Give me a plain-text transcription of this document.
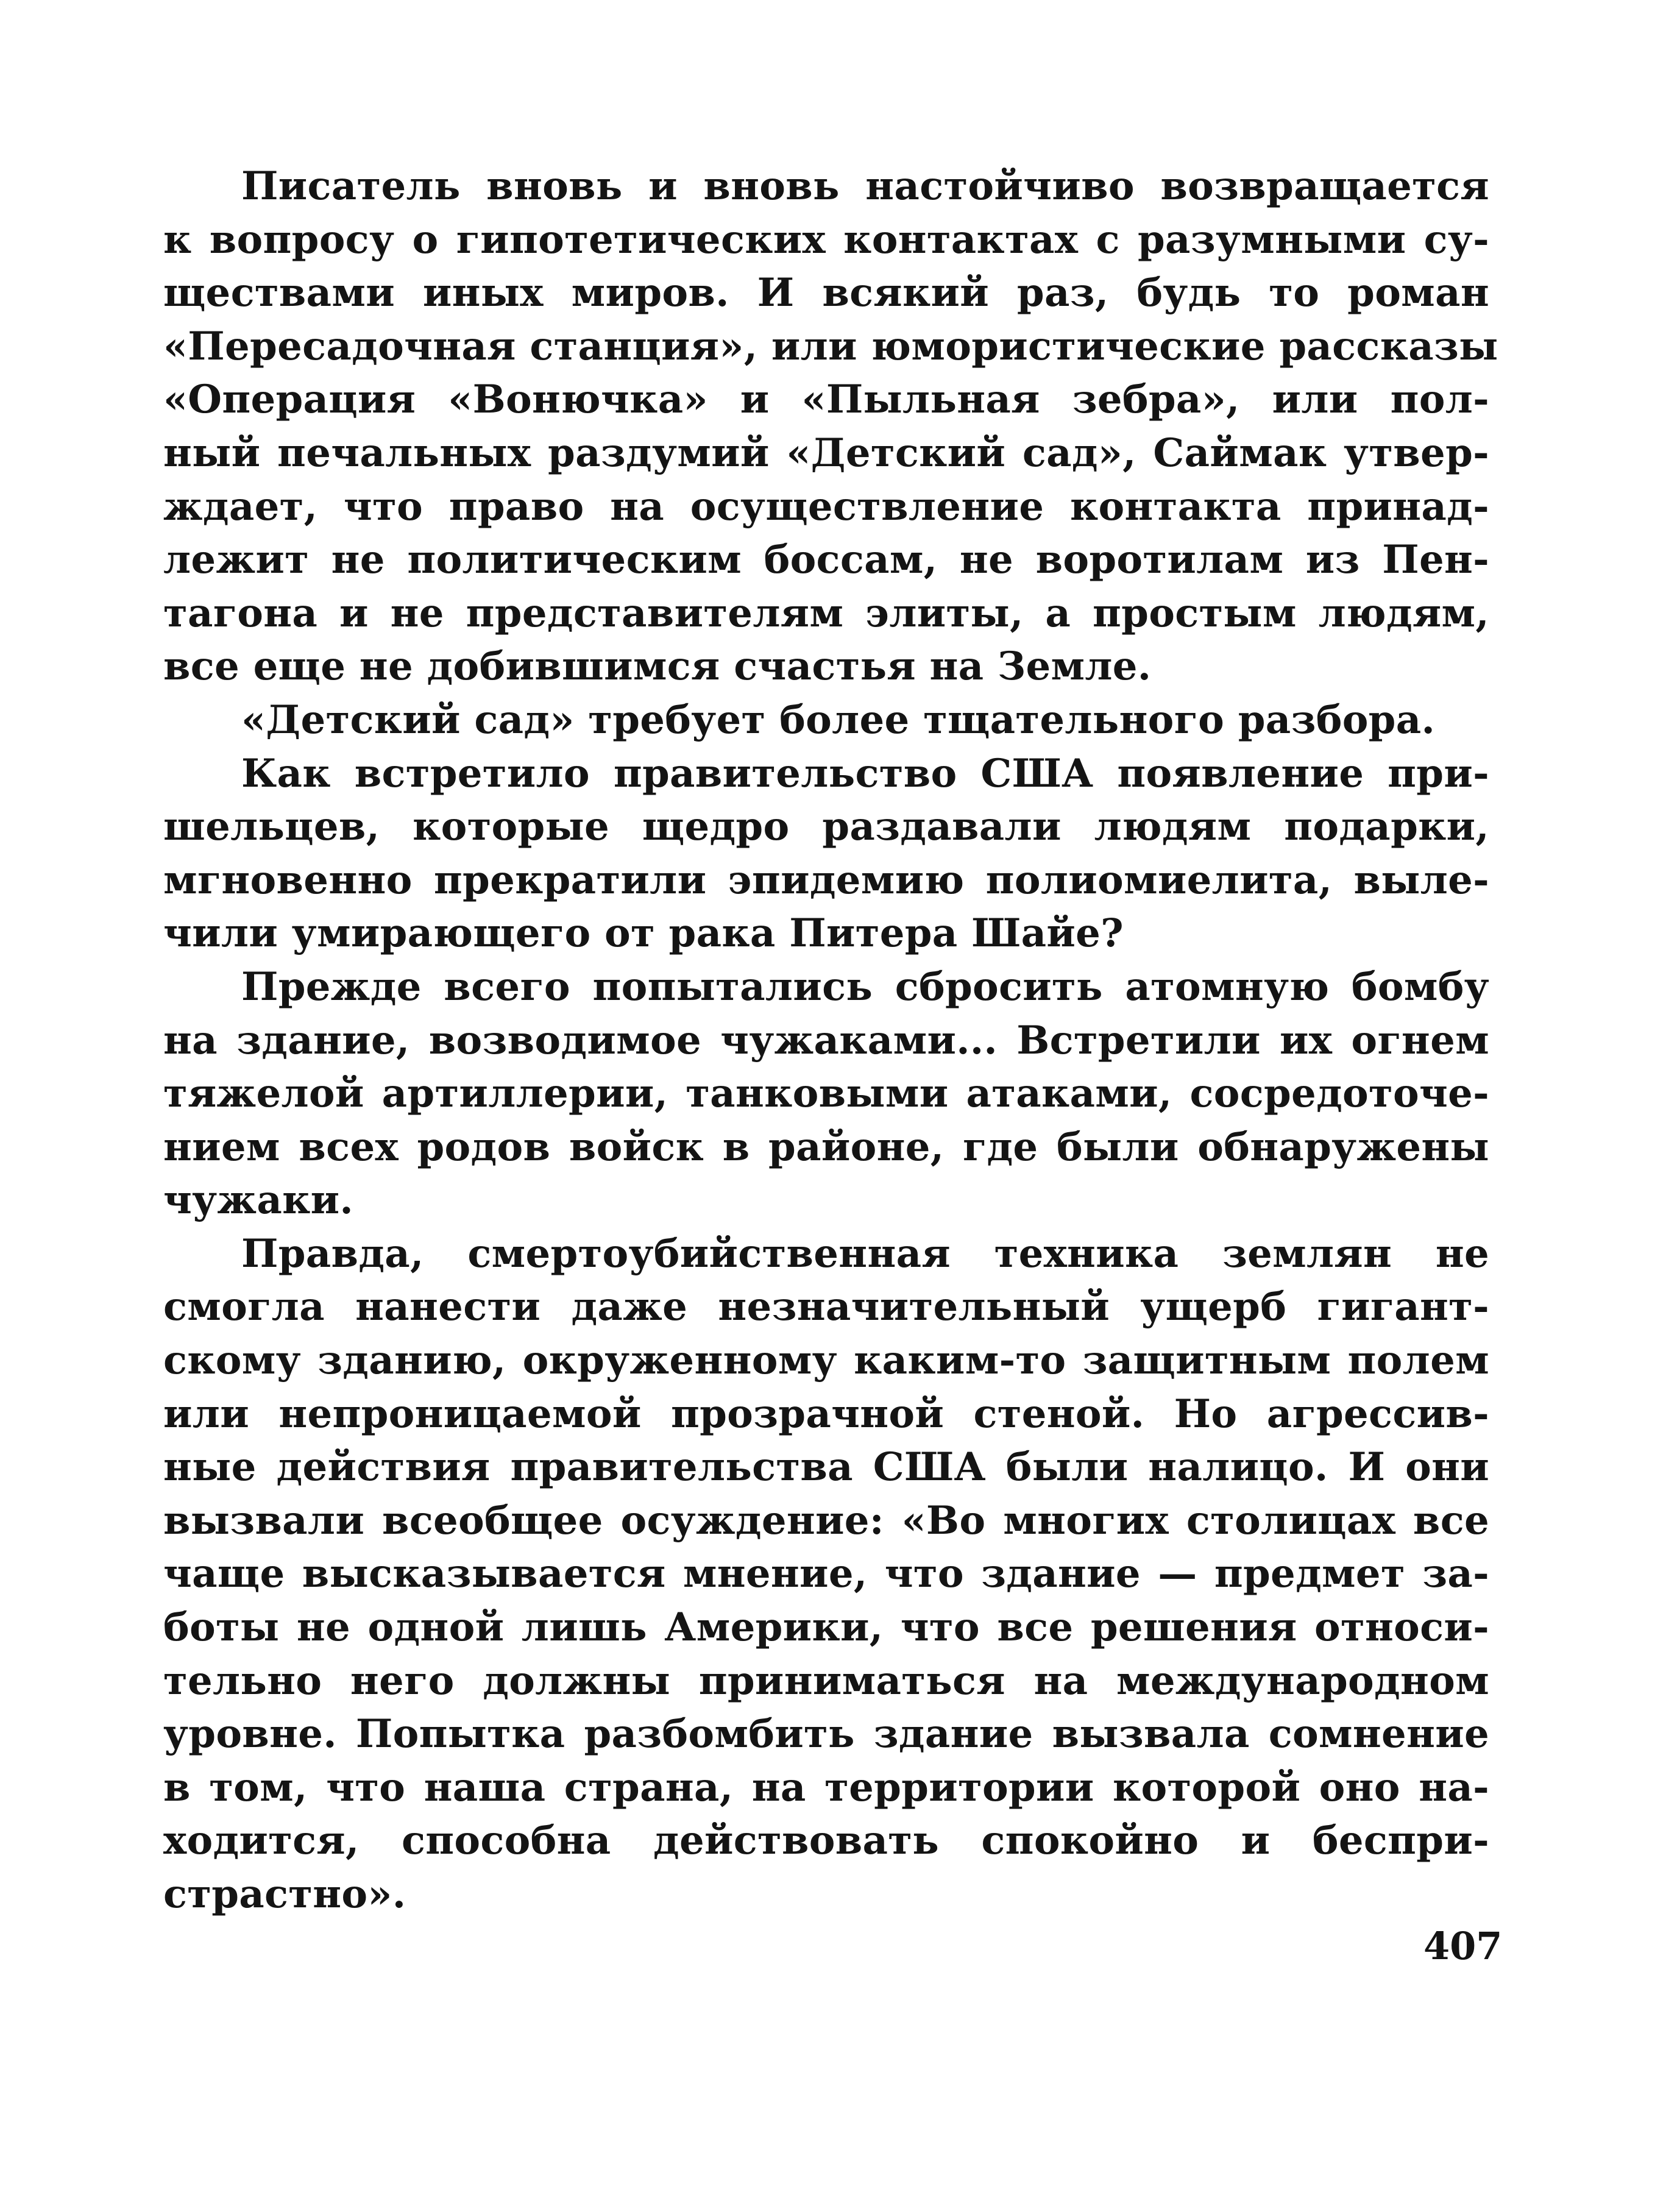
Писатель вновь и вновь настойчиво возвращается
к вопросу о гипотетических контактах с разумными су-
ществами иных миров. И всякий раз, будь то роман
«Пересадочная станция», или юмористические рассказы
«Операция «Вонючка» и «Пыльная зебра», или пол-
ный печальных раздумий «Детский сад», Саймак утвер-
ждает, что право на осуществление контакта принад-
лежит не политическим боссам, не воротилам из Пен-
тагона и не представителям элиты, а простым людям,
все еще не добившимся счастья на Земле.
«Детский сад» требует более тщательного разбора.
Как встретило правительство США появление при-
шельцев, которые щедро раздавали людям подарки,
мгновенно прекратили эпидемию полиомиелита, выле-
чили умирающего от рака Питера Шайе?
Прежде всего попытались сбросить атомную бомбу
на здание, возводимое чужаками... Встретили их огнем
тяжелой артиллерии, танковыми атаками, сосредоточе-
нием всех родов войск в районе, где были обнаружены
чужаки.
Правда, смертоубийственная техника землян не
смогла нанести даже незначительный ущерб гигант-
скому зданию, окруженному каким-то защитным полем
или непроницаемой прозрачной стеной. Но агрессив-
ные действия правительства США были налицо. И они
вызвали всеобщее осуждение: «Во многих столицах все
чаще высказывается мнение, что здание — предмет за-
боты не одной лишь Америки, что все решения относи-
тельно него должны приниматься на международном
уровне. Попытка разбомбить здание вызвала сомнение
в том, что наша страна, на территории которой оно на-
ходится, способна действовать спокойно и беспри-
страстно».
407
